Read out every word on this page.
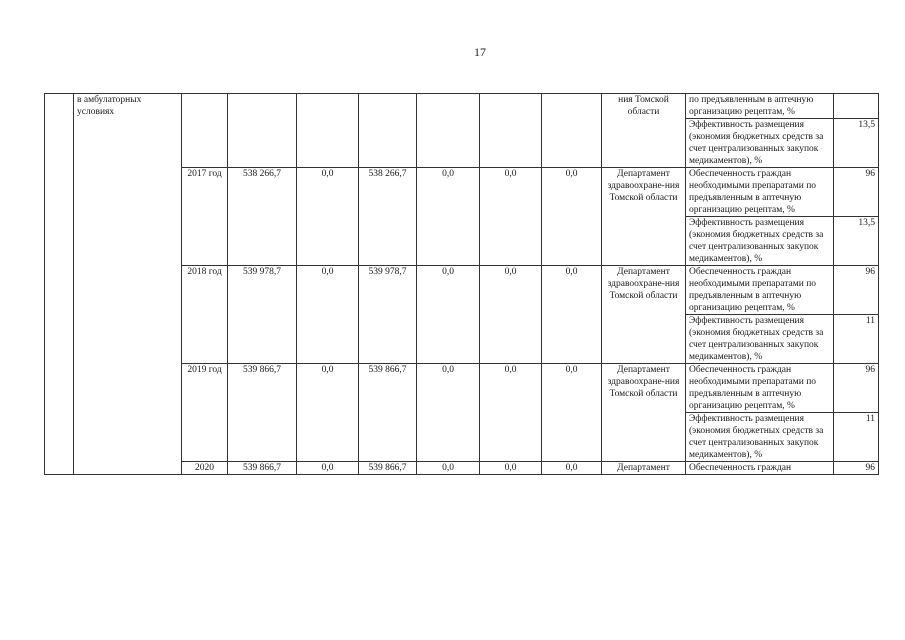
17
	в амбулаторных условиях								ния Томской области	по предъявленным в аптечную организацию рецептам, %	
										Эффективность размещения (экономия бюджетных средств за счет централизованных закупок медикаментов), %	13,5
		2017 год	538 266,7	0,0	538 266,7	0,0	0,0	0,0	Департамент здравоохране-ния Томской области	Обеспеченность граждан необходимыми препаратами по предъявленным в аптечную организацию рецептам, %	96
										Эффективность размещения (экономия бюджетных средств за счет централизованных закупок медикаментов), %	13,5
		2018 год	539 978,7	0,0	539 978,7	0,0	0,0	0,0	Департамент здравоохране-ния Томской области	Обеспеченность граждан необходимыми препаратами по предъявленным в аптечную организацию рецептам, %	96
										Эффективность размещения (экономия бюджетных средств за счет централизованных закупок медикаментов), %	11
		2019 год	539 866,7	0,0	539 866,7	0,0	0,0	0,0	Департамент здравоохране-ния Томской области	Обеспеченность граждан необходимыми препаратами по предъявленным в аптечную организацию рецептам, %	96
										Эффективность размещения (экономия бюджетных средств за счет централизованных закупок медикаментов), %	11
		2020	539 866,7	0,0	539 866,7	0,0	0,0	0,0	Департамент	Обеспеченность граждан	96
